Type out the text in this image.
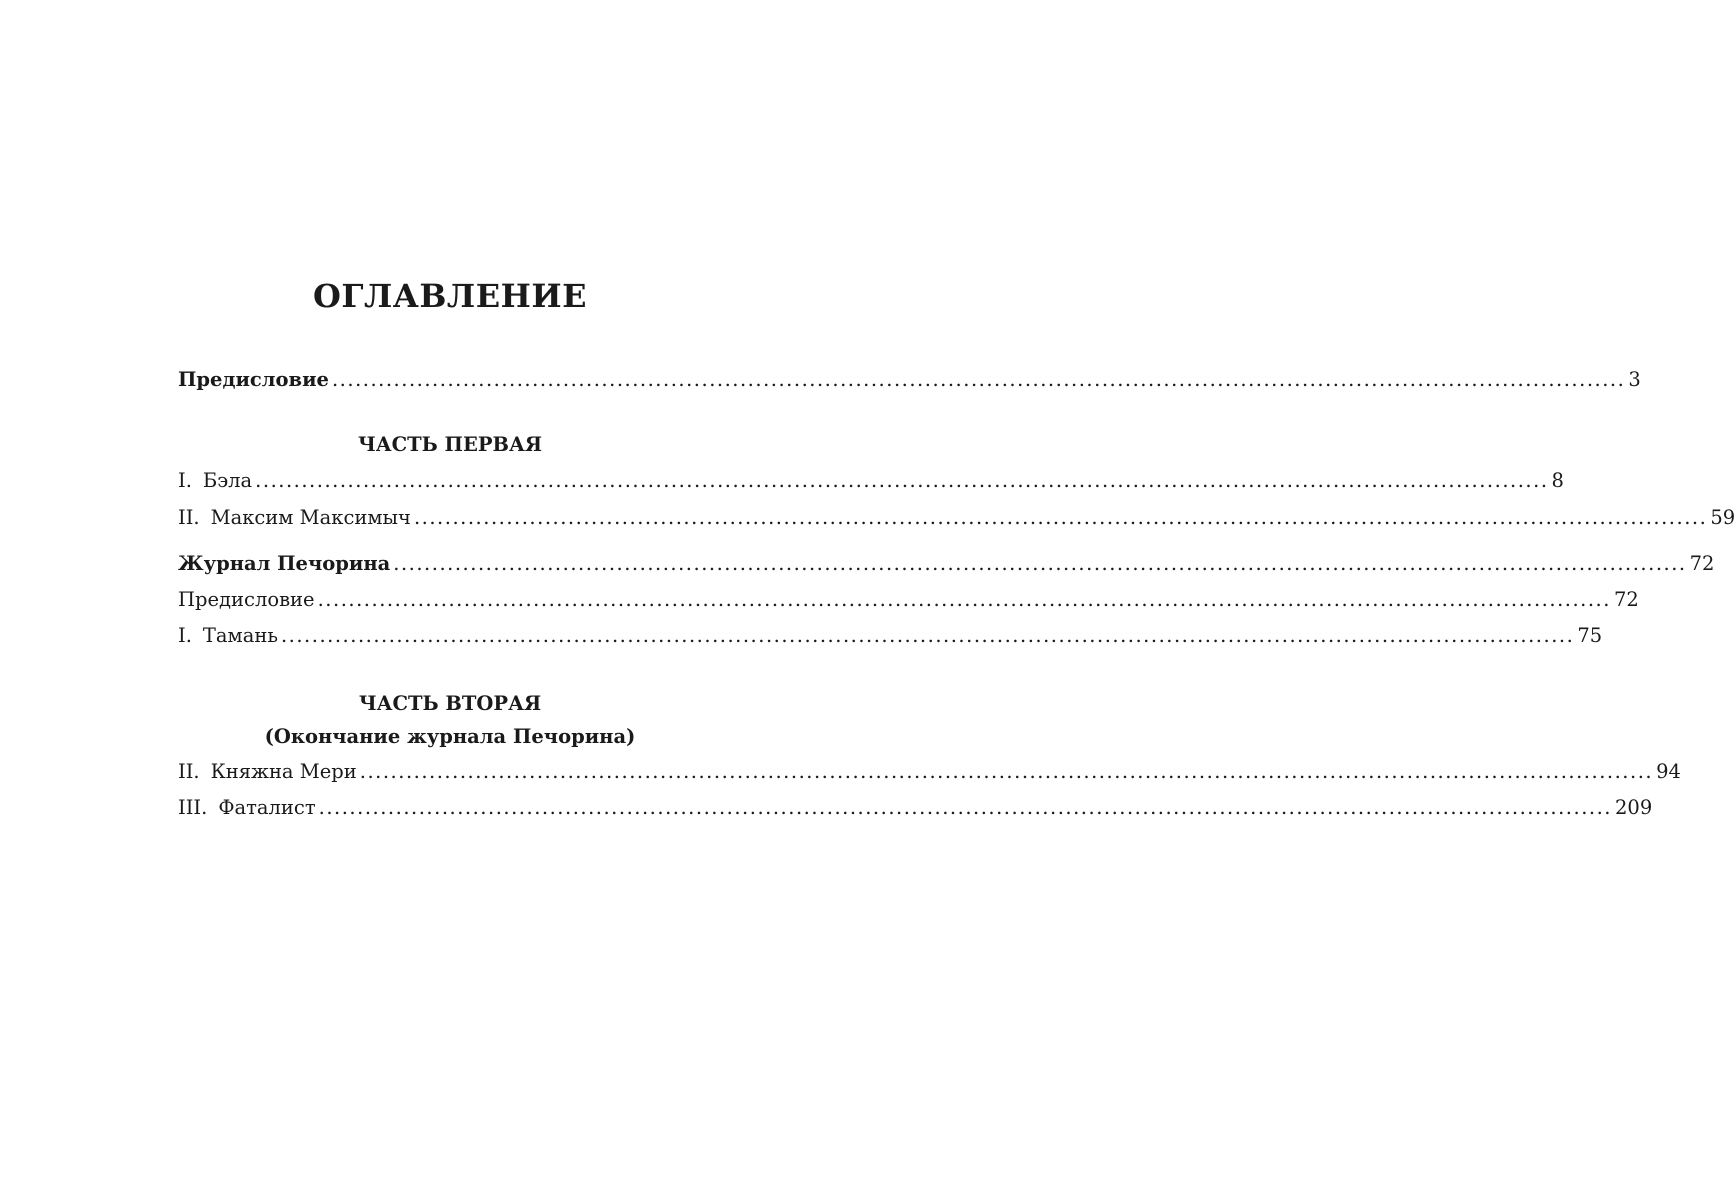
ОГЛАВЛЕНИЕ
Предисловие ........................................................................................................................................................................ 3
ЧАСТЬ ПЕРВАЯ
I. Бэла ........................................................................................................................................................................ 8
II. Максим Максимыч ........................................................................................................................................................................ 59
Журнал Печорина ........................................................................................................................................................................ 72
Предисловие ........................................................................................................................................................................ 72
I. Тамань ........................................................................................................................................................................ 75
ЧАСТЬ ВТОРАЯ
(Окончание журнала Печорина)
II. Княжна Мери ........................................................................................................................................................................ 94
III. Фаталист ........................................................................................................................................................................ 209
